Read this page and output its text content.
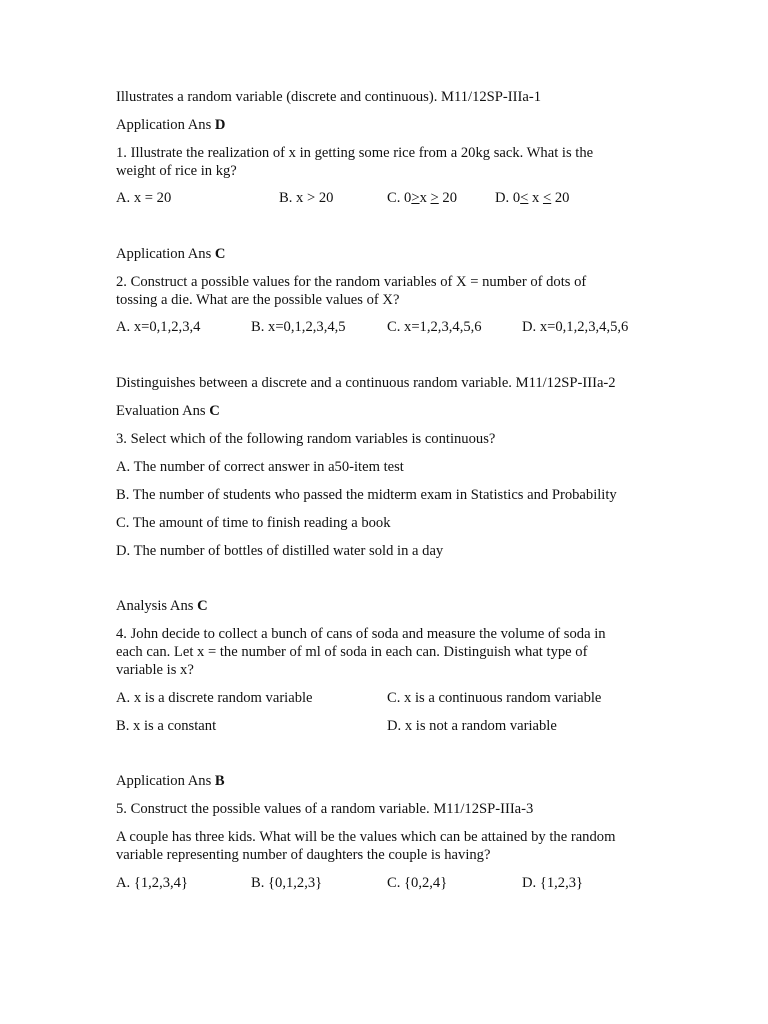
Illustrates a random variable (discrete and continuous). M11/12SP-IIIa-1
Application Ans D
1. Illustrate the realization of x in getting some rice from a 20kg sack. What is the
weight of rice in kg?
A. x = 20	B. x > 20	C. 0>x > 20	D. 0< x < 20
Application Ans C
2. Construct a possible values for the random variables of X = number of dots of
tossing a die. What are the possible values of X?
A. x=0,1,2,3,4	B. x=0,1,2,3,4,5	C. x=1,2,3,4,5,6	D. x=0,1,2,3,4,5,6
Distinguishes between a discrete and a continuous random variable. M11/12SP-IIIa-2
Evaluation Ans C
3. Select which of the following random variables is continuous?
A. The number of correct answer in a50-item test
B. The number of students who passed the midterm exam in Statistics and Probability
C. The amount of time to finish reading a book
D. The number of bottles of distilled water sold in a day
Analysis Ans C
4. John decide to collect a bunch of cans of soda and measure the volume of soda in
each can. Let x = the number of ml of soda in each can. Distinguish what type of
variable is x?
A. x is a discrete random variable	C. x is a continuous random variable
B. x is a constant	D. x is not a random variable
Application Ans B
5. Construct the possible values of a random variable. M11/12SP-IIIa-3
A couple has three kids. What will be the values which can be attained by the random
variable representing number of daughters the couple is having?
A. {1,2,3,4}	B. {0,1,2,3}	C. {0,2,4}	D. {1,2,3}
